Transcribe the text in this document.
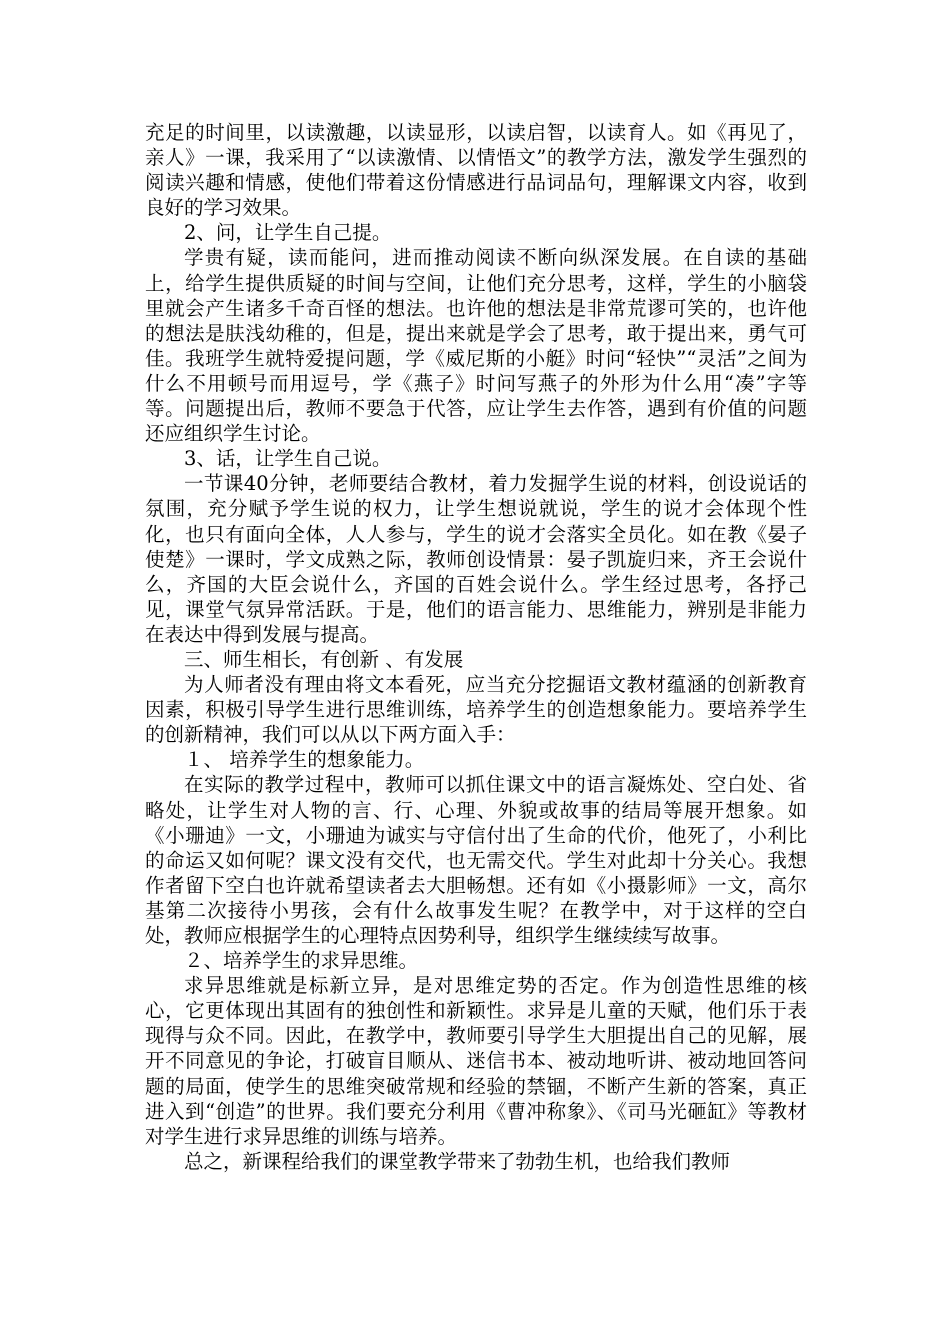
充足的时间里，以读激趣，以读显形，以读启智，以读育人。如《再见了，亲人》一课，我采用了“以读激情、以情悟文”的教学方法，激发学生强烈的阅读兴趣和情感，使他们带着这份情感进行品词品句，理解课文内容，收到良好的学习效果。

2、问，让学生自己提。

学贵有疑，读而能问，进而推动阅读不断向纵深发展。在自读的基础上，给学生提供质疑的时间与空间，让他们充分思考，这样，学生的小脑袋里就会产生诸多千奇百怪的想法。也许他的想法是非常荒谬可笑的，也许他的想法是肤浅幼稚的，但是，提出来就是学会了思考，敢于提出来，勇气可佳。我班学生就特爱提问题，学《威尼斯的小艇》时问“轻快”“灵活”之间为什么不用顿号而用逗号，学《燕子》时问写燕子的外形为什么用“凑”字等等。问题提出后，教师不要急于代答，应让学生去作答，遇到有价值的问题还应组织学生讨论。

3、话，让学生自己说。

一节课40分钟，老师要结合教材，着力发掘学生说的材料，创设说话的氛围，充分赋予学生说的权力，让学生想说就说，学生的说才会体现个性化，也只有面向全体，人人参与，学生的说才会落实全员化。如在教《晏子使楚》一课时，学文成熟之际，教师创设情景：晏子凯旋归来，齐王会说什么，齐国的大臣会说什么，齐国的百姓会说什么。学生经过思考，各抒己见，课堂气氛异常活跃。于是，他们的语言能力、思维能力，辨别是非能力在表达中得到发展与提高。

三、师生相长，有创新 、有发展

为人师者没有理由将文本看死，应当充分挖掘语文教材蕴涵的创新教育因素，积极引导学生进行思维训练，培养学生的创造想象能力。要培养学生的创新精神，我们可以从以下两方面入手：

１、 培养学生的想象能力。

在实际的教学过程中，教师可以抓住课文中的语言凝炼处、空白处、省略处，让学生对人物的言、行、心理、外貌或故事的结局等展开想象。如《小珊迪》一文，小珊迪为诚实与守信付出了生命的代价，他死了，小利比的命运又如何呢？课文没有交代，也无需交代。学生对此却十分关心。我想作者留下空白也许就希望读者去大胆畅想。还有如《小摄影师》一文，高尔基第二次接待小男孩，会有什么故事发生呢？在教学中，对于这样的空白处，教师应根据学生的心理特点因势利导，组织学生继续续写故事。

２、培养学生的求异思维。

求异思维就是标新立异，是对思维定势的否定。作为创造性思维的核心，它更体现出其固有的独创性和新颖性。求异是儿童的天赋，他们乐于表现得与众不同。因此，在教学中，教师要引导学生大胆提出自己的见解，展开不同意见的争论，打破盲目顺从、迷信书本、被动地听讲、被动地回答问题的局面，使学生的思维突破常规和经验的禁锢，不断产生新的答案，真正进入到“创造”的世界。我们要充分利用《曹冲称象》、《司马光砸缸》等教材对学生进行求异思维的训练与培养。

总之，新课程给我们的课堂教学带来了勃勃生机，也给我们教师
